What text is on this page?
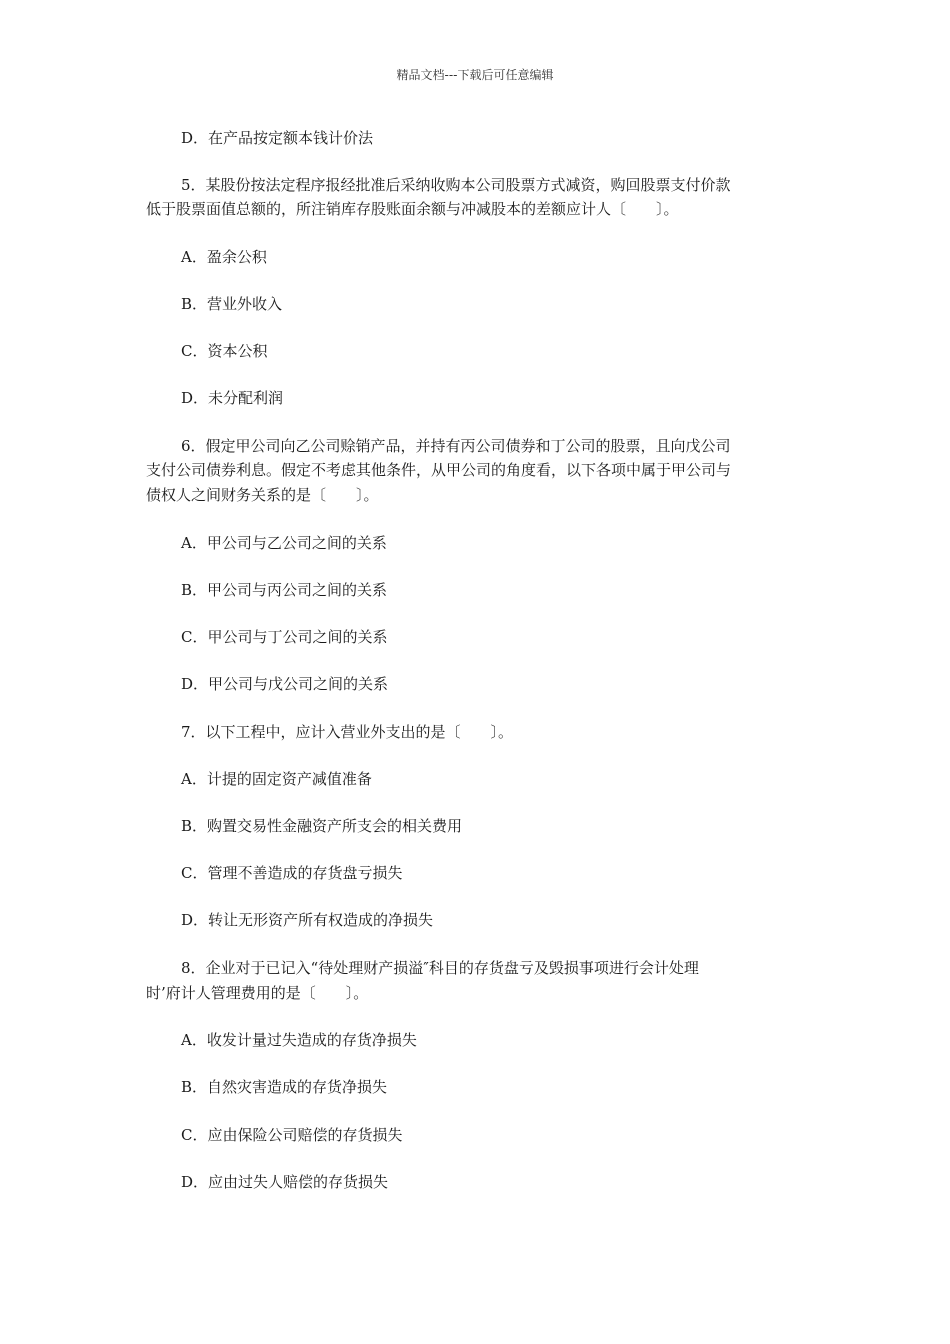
精品文档---下载后可任意编辑

D．在产品按定额本钱计价法

5．某股份按法定程序报经批准后采纳收购本公司股票方式减资，购回股票支付价款

低于股票面值总额的，所注销库存股账面余额与冲减股本的差额应计人〔　　〕。

A．盈余公积

B．营业外收入

C．资本公积

D．未分配利润

6．假定甲公司向乙公司赊销产品，并持有丙公司债券和丁公司的股票，且向戊公司

支付公司债券利息。假定不考虑其他条件，从甲公司的角度看，以下各项中属于甲公司与

债权人之间财务关系的是〔　　〕。

A．甲公司与乙公司之间的关系

B．甲公司与丙公司之间的关系

C．甲公司与丁公司之间的关系

D．甲公司与戊公司之间的关系

7．以下工程中，应计入营业外支出的是〔　　〕。

A．计提的固定资产减值准备

B．购置交易性金融资产所支会的相关费用

C．管理不善造成的存货盘亏损失

D．转让无形资产所有权造成的净损失

8．企业对于已记入“待处理财产损溢″科目的存货盘亏及毁损事项进行会计处理

时’府计人管理费用的是〔　　〕。

A．收发计量过失造成的存货净损失

B．自然灾害造成的存货净损失

C．应由保险公司赔偿的存货损失

D．应由过失人赔偿的存货损失
